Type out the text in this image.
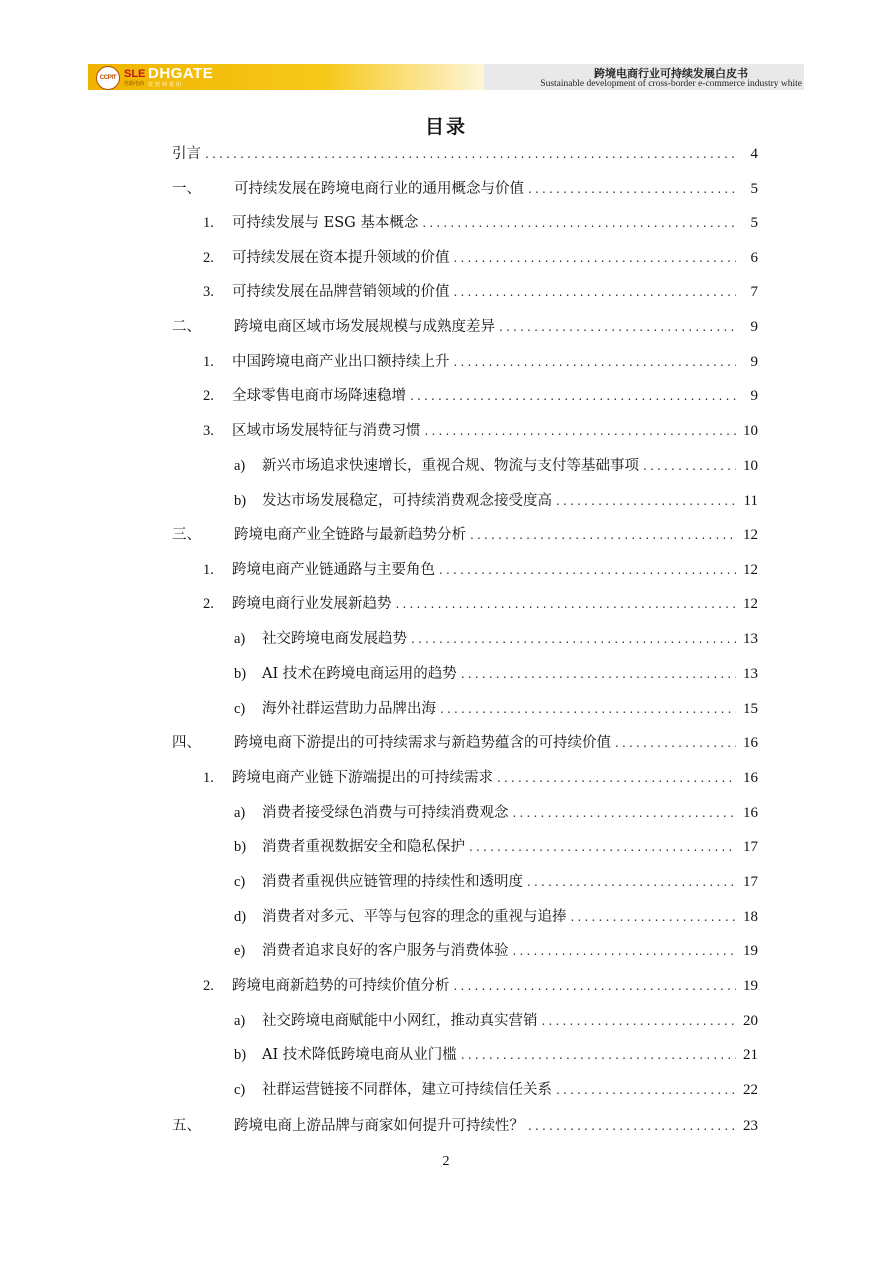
CCPIT SLE
丝路电商
DHGATE
敦煌网集团
跨境电商行业可持续发展白皮书
Sustainable development of cross-border e-commerce industry white
目录
引言 .....	4
一、	可持续发展在跨境电商行业的通用概念与价值 .....	5
1.	可持续发展与 ESG 基本概念 .....	5
2.	可持续发展在资本提升领域的价值 .....	6
3.	可持续发展在品牌营销领域的价值 .....	7
二、	跨境电商区域市场发展规模与成熟度差异 .....	9
1.	中国跨境电商产业出口额持续上升 .....	9
2.	全球零售电商市场降速稳增 .....	9
3.	区域市场发展特征与消费习惯 .....	10
a)	新兴市场追求快速增长，重视合规、物流与支付等基础事项 .....	10
b)	发达市场发展稳定，可持续消费观念接受度高 .....	11
三、	跨境电商产业全链路与最新趋势分析 .....	12
1.	跨境电商产业链通路与主要角色 .....	12
2.	跨境电商行业发展新趋势 .....	12
a)	社交跨境电商发展趋势 .....	13
b)	AI 技术在跨境电商运用的趋势 .....	13
c)	海外社群运营助力品牌出海 .....	15
四、	跨境电商下游提出的可持续需求与新趋势蕴含的可持续价值 .....	16
1.	跨境电商产业链下游端提出的可持续需求 .....	16
a)	消费者接受绿色消费与可持续消费观念 .....	16
b)	消费者重视数据安全和隐私保护 .....	17
c)	消费者重视供应链管理的持续性和透明度 .....	17
d)	消费者对多元、平等与包容的理念的重视与追捧 .....	18
e)	消费者追求良好的客户服务与消费体验 .....	19
2.	跨境电商新趋势的可持续价值分析 .....	19
a)	社交跨境电商赋能中小网红，推动真实营销 .....	20
b)	AI 技术降低跨境电商从业门槛 .....	21
c)	社群运营链接不同群体，建立可持续信任关系 .....	22
五、	跨境电商上游品牌与商家如何提升可持续性？ .....	23
2
